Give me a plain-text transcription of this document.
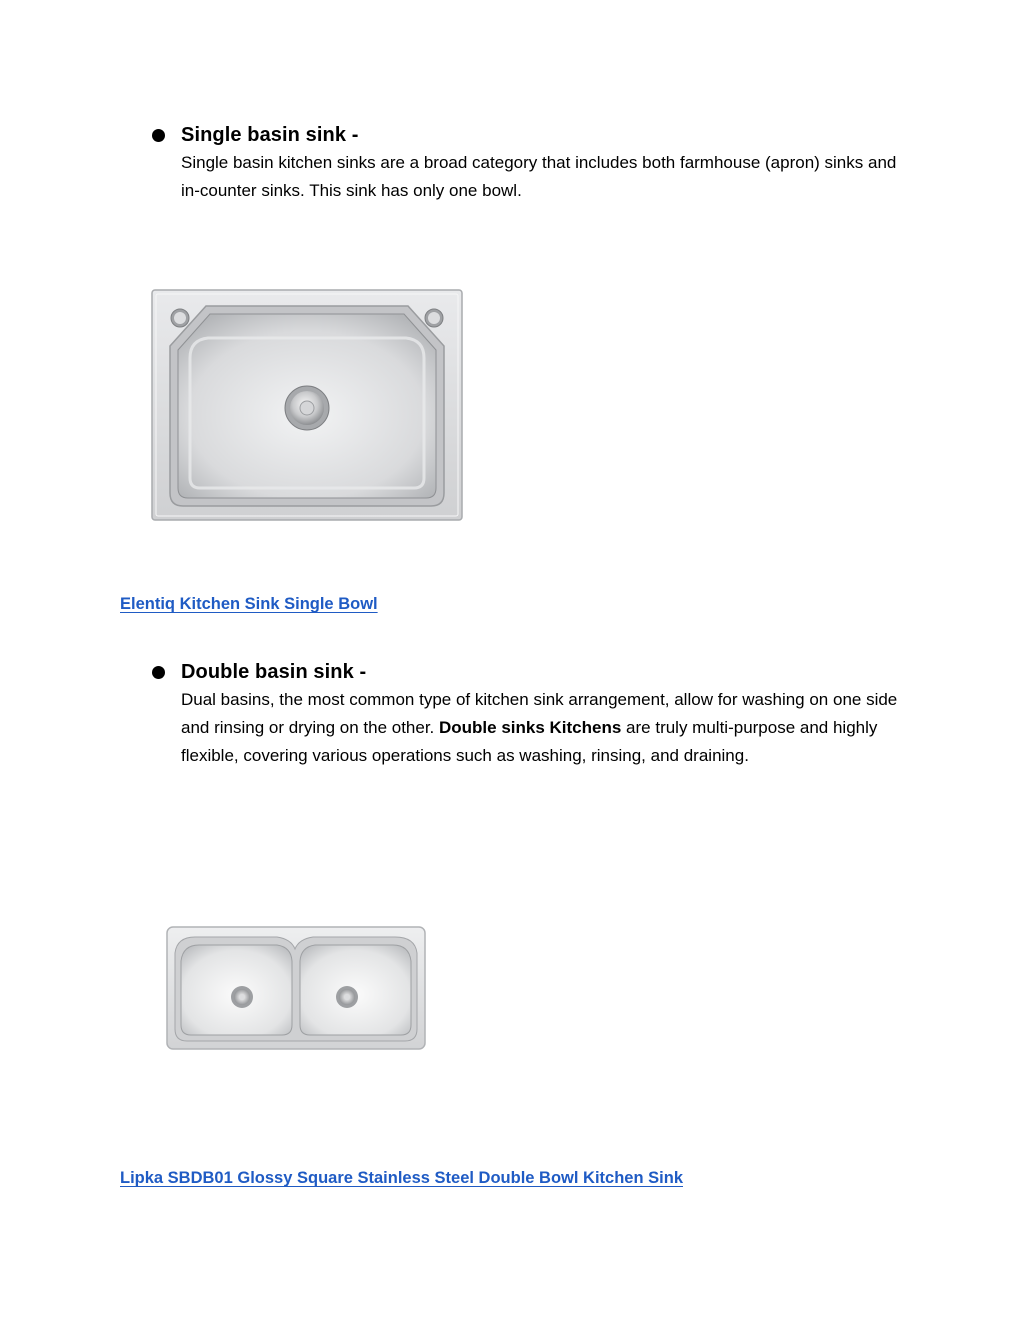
Single basin sink -
Single basin kitchen sinks are a broad category that includes both farmhouse (apron) sinks and in-counter sinks. This sink has only one bowl.
Elentiq Kitchen Sink Single Bowl
Double basin sink -
Dual basins, the most common type of kitchen sink arrangement, allow for washing on one side and rinsing or drying on the other. Double sinks Kitchens are truly multi-purpose and highly flexible, covering various operations such as washing, rinsing, and draining.
Lipka SBDB01 Glossy Square Stainless Steel Double Bowl Kitchen Sink
